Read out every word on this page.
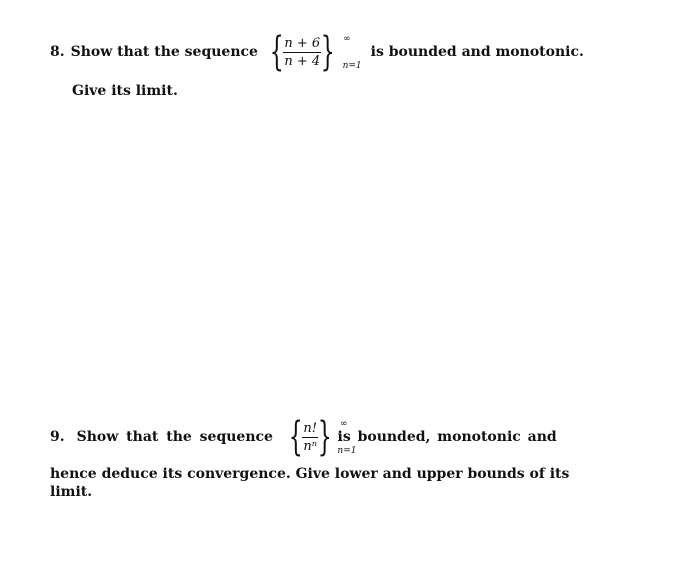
8. Show that the sequence { $\frac{n + 6}{n + 4}$ } ∞
n=1
is bounded and monotonic.
Give its limit.
9. Show that the sequence { $\frac{n!}{\text{nⁿ}}$ } ∞
n=1
is bounded, monotonic and
hence deduce its convergence. Give lower and upper bounds of its
limit.
